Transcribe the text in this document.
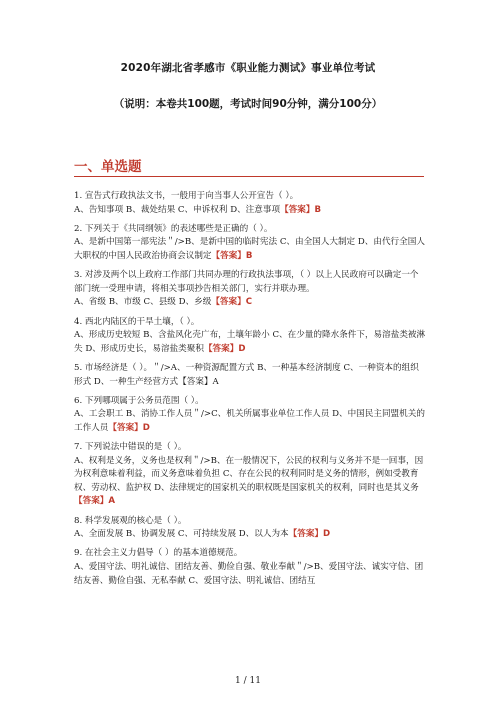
2020年湖北省孝感市《职业能力测试》事业单位考试
（说明：本卷共100题，考试时间90分钟，满分100分）
一、单选题

1. 宣告式行政执法文书，一般用于向当事人公开宣告（ ）。

A、告知事项 B、裁处结果 C、申诉权利 D、注意事项【答案】B

2. 下列关于《共同纲领》的表述哪些是正确的（ ）。

A、是新中国第一部宪法＂/>B、是新中国的临时宪法 C、由全国人大制定 D、由代行全国人大职权的中国人民政治协商会议制定【答案】B

3. 对涉及两个以上政府工作部门共同办理的行政执法事项，（ ）以上人民政府可以确定一个部门统一受理申请，将相关事项抄告相关部门，实行并联办理。

A、省级 B、市级 C、县级 D、乡级【答案】C

4. 西北内陆区的干旱土壤，（ ）。

A、形成历史较短 B、含盐风化壳广布，土壤年龄小 C、在少量的降水条件下，易溶盐类被淋失 D、形成历史长，易溶盐类聚积【答案】D

5. 市场经济是（ ）。＂/>A、一种资源配置方式 B、一种基本经济制度 C、一种资本的组织形式 D、一种生产经营方式【答案】A

6. 下列哪项属于公务员范围（ ）。

A、工会职工 B、消协工作人员＂/>C、机关所属事业单位工作人员 D、中国民主同盟机关的工作人员【答案】D

7. 下列说法中错误的是（ ）。

A、权利是义务，义务也是权利＂/>B、在一般情况下，公民的权利与义务并不是一回事，因为权利意味着利益，而义务意味着负担 C、存在公民的权利同时是义务的情形，例如受教育权、劳动权、监护权 D、法律规定的国家机关的职权既是国家机关的权利，同时也是其义务【答案】A

8. 科学发展观的核心是（ ）。

A、全面发展 B、协调发展 C、可持续发展 D、以人为本【答案】D

9. 在社会主义力倡导（ ）的基本道德规范。

A、爱国守法、明礼诚信、团结友善、勤俭自强、敬业奉献＂/>B、爱国守法、诚实守信、团结友善、勤俭自强、无私奉献 C、爱国守法、明礼诚信、团结互

1 / 11
